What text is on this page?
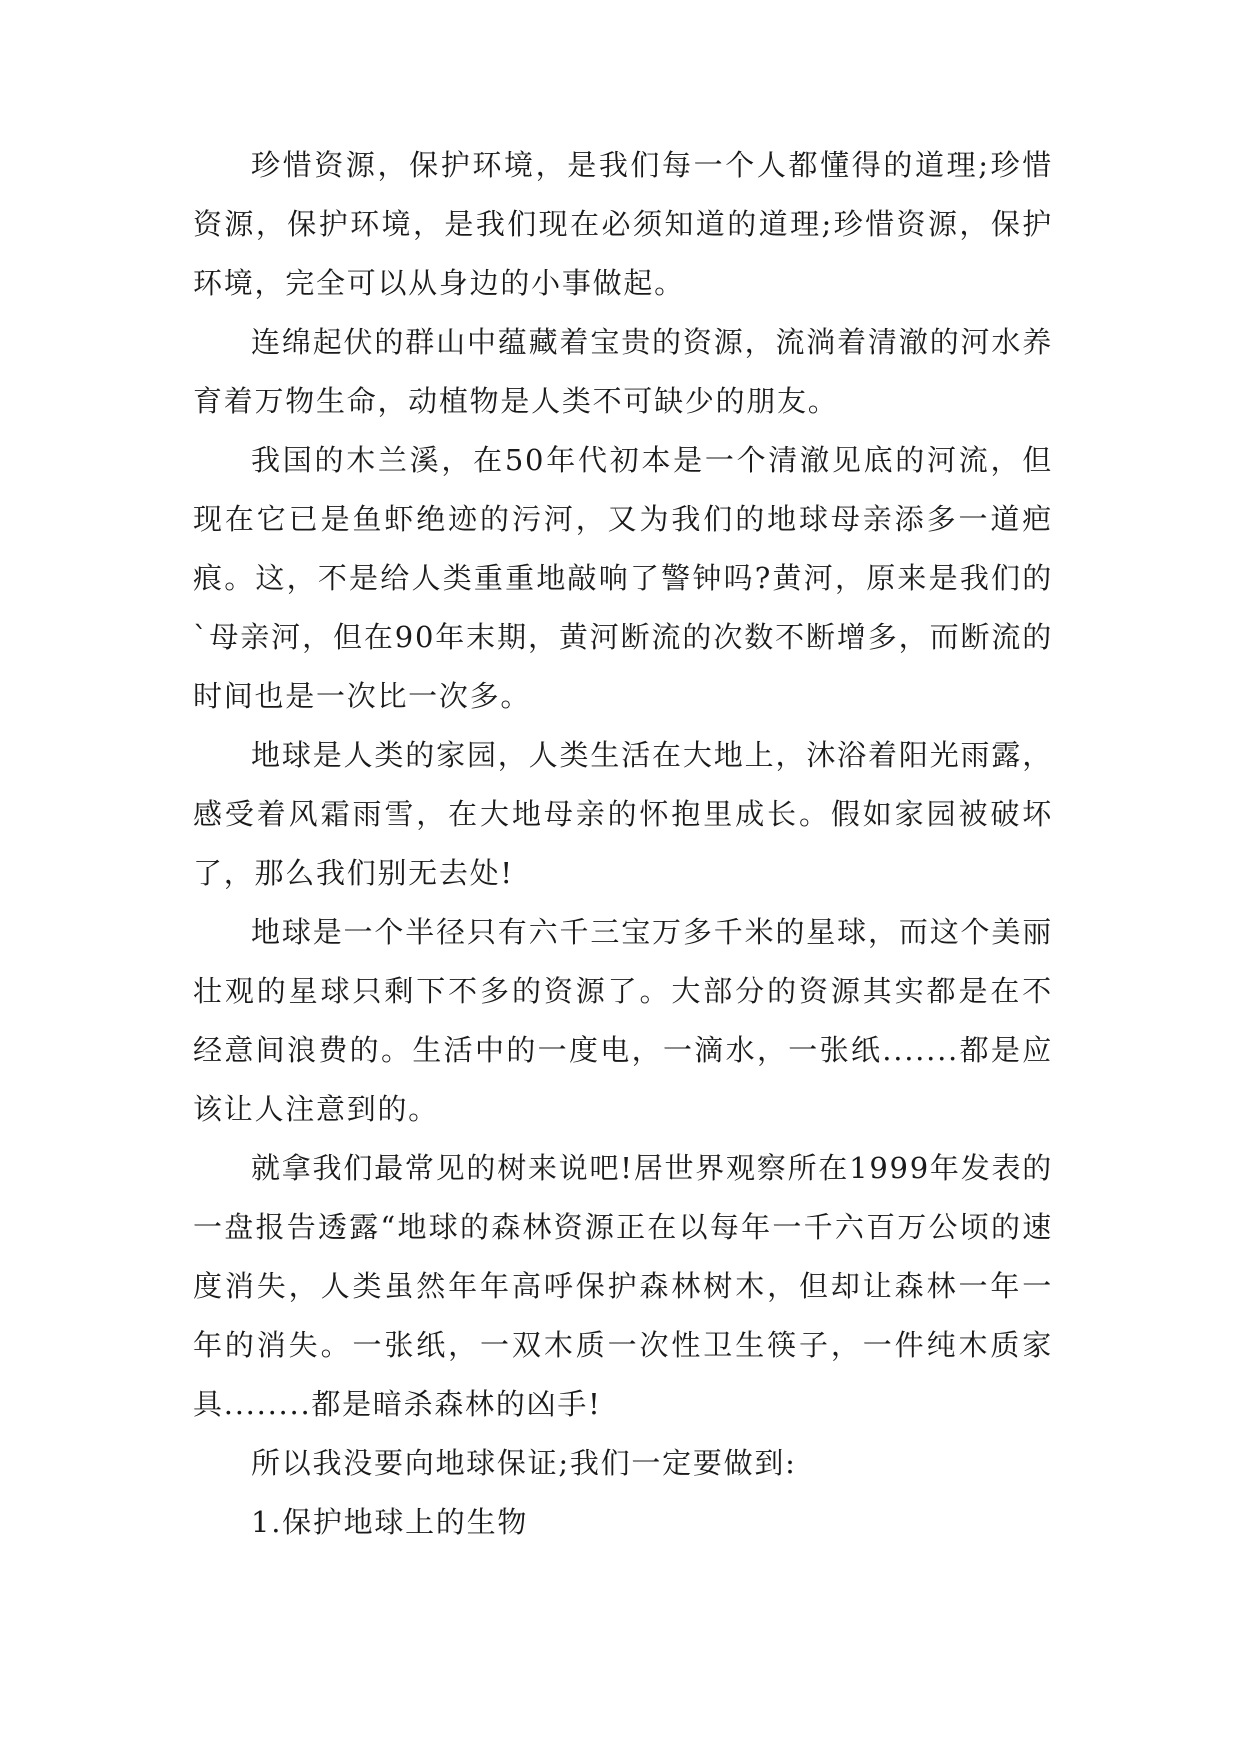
珍惜资源，保护环境，是我们每一个人都懂得的道理;珍惜资源，保护环境，是我们现在必须知道的道理;珍惜资源，保护环境，完全可以从身边的小事做起。

连绵起伏的群山中蕴藏着宝贵的资源，流淌着清澈的河水养育着万物生命，动植物是人类不可缺少的朋友。

我国的木兰溪，在50年代初本是一个清澈见底的河流，但现在它已是鱼虾绝迹的污河，又为我们的地球母亲添多一道疤痕。这，不是给人类重重地敲响了警钟吗?黄河，原来是我们的`母亲河，但在90年末期，黄河断流的次数不断增多，而断流的时间也是一次比一次多。

地球是人类的家园，人类生活在大地上，沐浴着阳光雨露，感受着风霜雨雪，在大地母亲的怀抱里成长。假如家园被破坏了，那么我们别无去处!

地球是一个半径只有六千三宝万多千米的星球，而这个美丽壮观的星球只剩下不多的资源了。大部分的资源其实都是在不经意间浪费的。生活中的一度电，一滴水，一张纸.......都是应该让人注意到的。

就拿我们最常见的树来说吧!居世界观察所在1999年发表的一盘报告透露“地球的森林资源正在以每年一千六百万公顷的速度消失，人类虽然年年高呼保护森林树木，但却让森林一年一年的消失。一张纸，一双木质一次性卫生筷子，一件纯木质家具........都是暗杀森林的凶手!

所以我没要向地球保证;我们一定要做到:

1.保护地球上的生物
